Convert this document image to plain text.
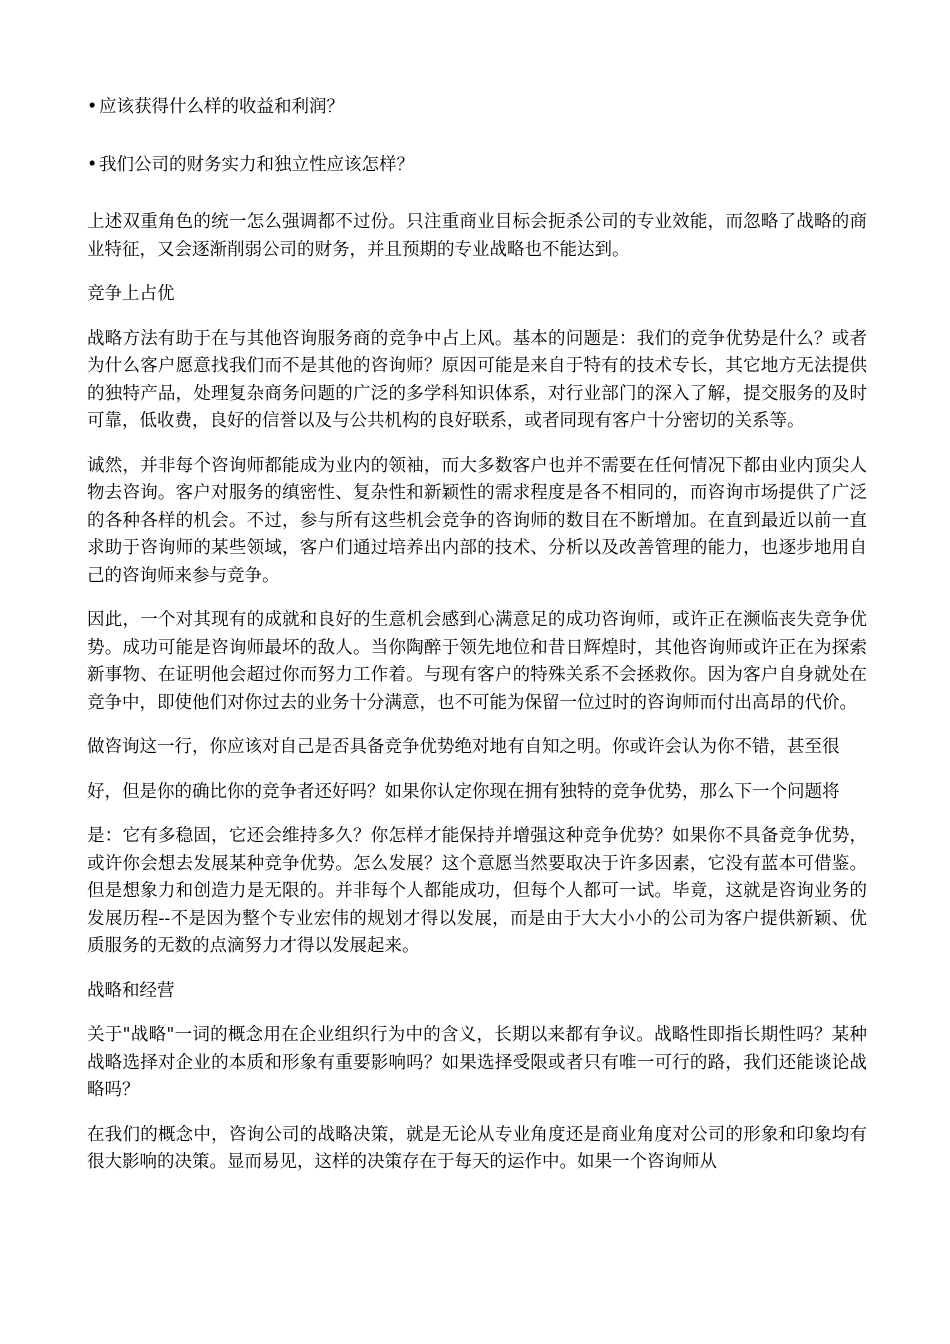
•应该获得什么样的收益和利润？
•我们公司的财务实力和独立性应该怎样？

上述双重角色的统一怎么强调都不过份。只注重商业目标会扼杀公司的专业效能，而忽略了战略的商业特征，又会逐渐削弱公司的财务，并且预期的专业战略也不能达到。

竞争上占优

战略方法有助于在与其他咨询服务商的竞争中占上风。基本的问题是：我们的竞争优势是什么？或者为什么客户愿意找我们而不是其他的咨询师？原因可能是来自于特有的技术专长，其它地方无法提供的独特产品，处理复杂商务问题的广泛的多学科知识体系，对行业部门的深入了解，提交服务的及时可靠，低收费，良好的信誉以及与公共机构的良好联系，或者同现有客户十分密切的关系等。

诚然，并非每个咨询师都能成为业内的领袖，而大多数客户也并不需要在任何情况下都由业内顶尖人物去咨询。客户对服务的缜密性、复杂性和新颖性的需求程度是各不相同的，而咨询市场提供了广泛的各种各样的机会。不过，参与所有这些机会竞争的咨询师的数目在不断增加。在直到最近以前一直求助于咨询师的某些领域，客户们通过培养出内部的技术、分析以及改善管理的能力，也逐步地用自己的咨询师来参与竞争。

因此，一个对其现有的成就和良好的生意机会感到心满意足的成功咨询师，或许正在濒临丧失竞争优势。成功可能是咨询师最坏的敌人。当你陶醉于领先地位和昔日辉煌时，其他咨询师或许正在为探索新事物、在证明他会超过你而努力工作着。与现有客户的特殊关系不会拯救你。因为客户自身就处在竞争中，即使他们对你过去的业务十分满意，也不可能为保留一位过时的咨询师而付出高昂的代价。

做咨询这一行，你应该对自己是否具备竞争优势绝对地有自知之明。你或许会认为你不错，甚至很

好，但是你的确比你的竞争者还好吗？如果你认定你现在拥有独特的竞争优势，那么下一个问题将

是：它有多稳固，它还会维持多久？你怎样才能保持并增强这种竞争优势？如果你不具备竞争优势，或许你会想去发展某种竞争优势。怎么发展？这个意愿当然要取决于许多因素，它没有蓝本可借鉴。但是想象力和创造力是无限的。并非每个人都能成功，但每个人都可一试。毕竟，这就是咨询业务的发展历程--不是因为整个专业宏伟的规划才得以发展，而是由于大大小小的公司为客户提供新颖、优质服务的无数的点滴努力才得以发展起来。

战略和经营

关于"战略"一词的概念用在企业组织行为中的含义，长期以来都有争议。战略性即指长期性吗？某种战略选择对企业的本质和形象有重要影响吗？如果选择受限或者只有唯一可行的路，我们还能谈论战略吗？

在我们的概念中，咨询公司的战略决策，就是无论从专业角度还是商业角度对公司的形象和印象均有很大影响的决策。显而易见，这样的决策存在于每天的运作中。如果一个咨询师从
